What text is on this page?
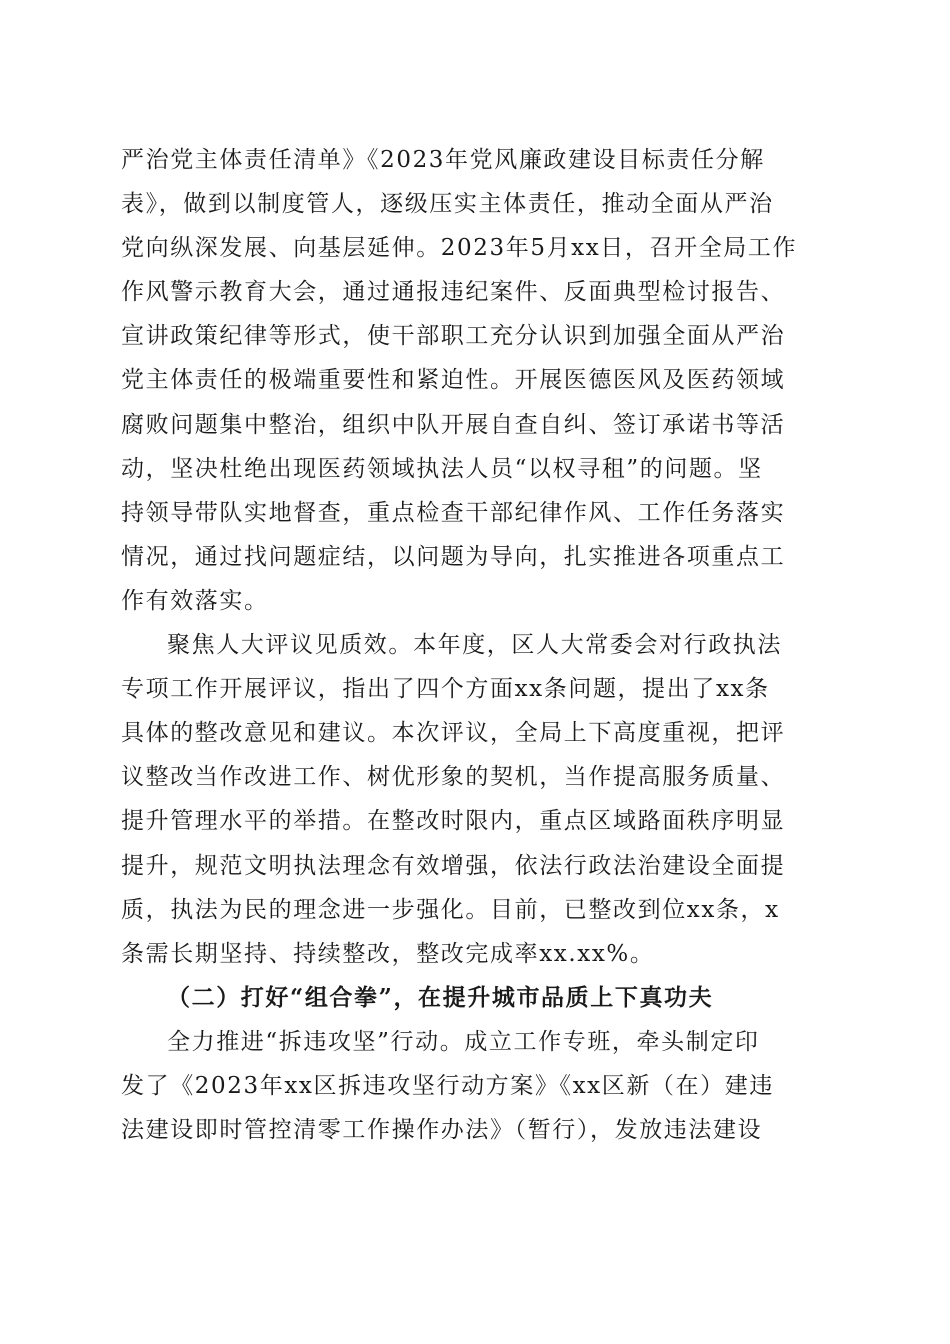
严治党主体责任清单》《2023年党风廉政建设目标责任分解
表》，做到以制度管人，逐级压实主体责任，推动全面从严治
党向纵深发展、向基层延伸。2023年5月xx日，召开全局工作
作风警示教育大会，通过通报违纪案件、反面典型检讨报告、
宣讲政策纪律等形式，使干部职工充分认识到加强全面从严治
党主体责任的极端重要性和紧迫性。开展医德医风及医药领域
腐败问题集中整治，组织中队开展自查自纠、签订承诺书等活
动，坚决杜绝出现医药领域执法人员“以权寻租”的问题。坚
持领导带队实地督查，重点检查干部纪律作风、工作任务落实
情况，通过找问题症结，以问题为导向，扎实推进各项重点工
作有效落实。

聚焦人大评议见质效。本年度，区人大常委会对行政执法
专项工作开展评议，指出了四个方面xx条问题，提出了xx条
具体的整改意见和建议。本次评议，全局上下高度重视，把评
议整改当作改进工作、树优形象的契机，当作提高服务质量、
提升管理水平的举措。在整改时限内，重点区域路面秩序明显
提升，规范文明执法理念有效增强，依法行政法治建设全面提
质，执法为民的理念进一步强化。目前，已整改到位xx条，x
条需长期坚持、持续整改，整改完成率xx.xx%。

（二）打好“组合拳”，在提升城市品质上下真功夫

全力推进“拆违攻坚”行动。成立工作专班，牵头制定印
发了《2023年xx区拆违攻坚行动方案》《xx区新（在）建违
法建设即时管控清零工作操作办法》（暂行），发放违法建设
